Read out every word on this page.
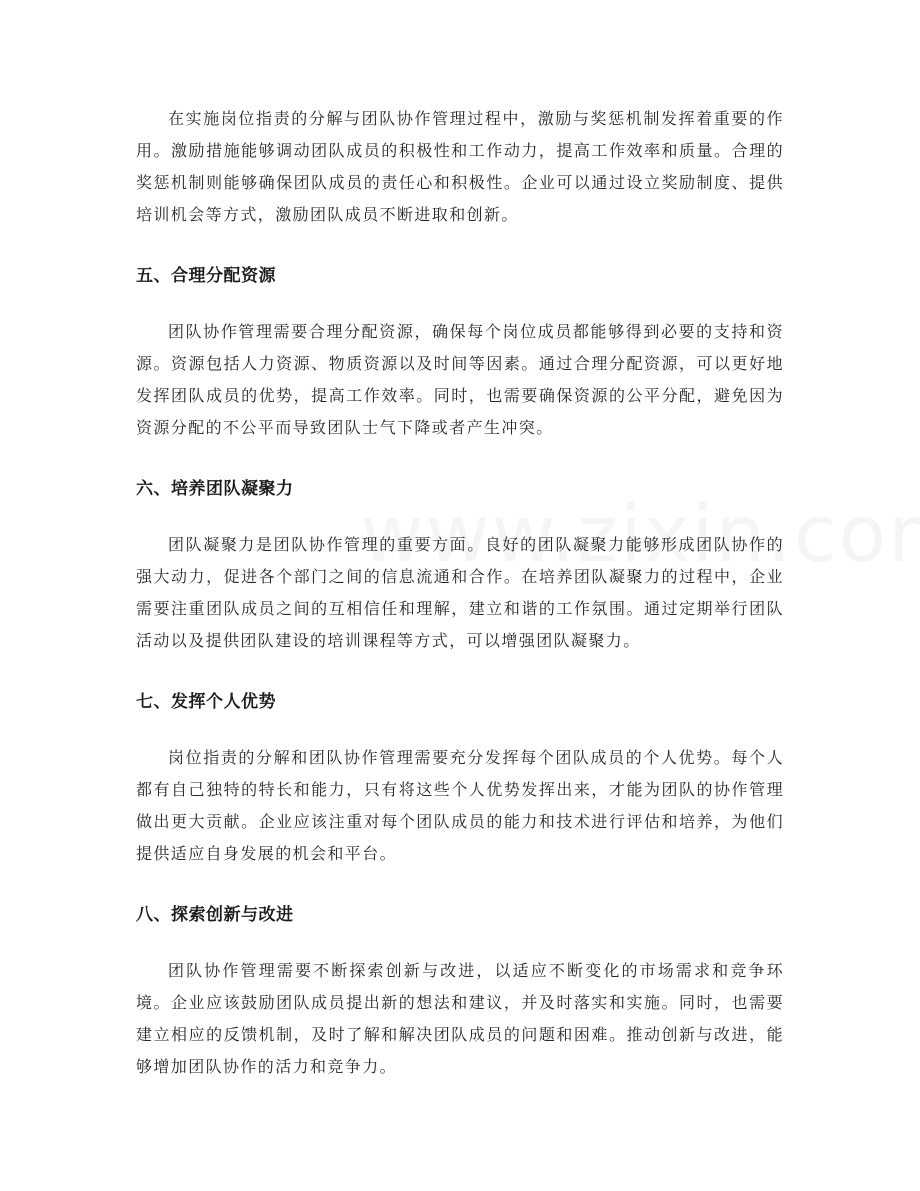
在实施岗位指责的分解与团队协作管理过程中，激励与奖惩机制发挥着重要的作用。激励措施能够调动团队成员的积极性和工作动力，提高工作效率和质量。合理的奖惩机制则能够确保团队成员的责任心和积极性。企业可以通过设立奖励制度、提供培训机会等方式，激励团队成员不断进取和创新。

五、合理分配资源

团队协作管理需要合理分配资源，确保每个岗位成员都能够得到必要的支持和资源。资源包括人力资源、物质资源以及时间等因素。通过合理分配资源，可以更好地发挥团队成员的优势，提高工作效率。同时，也需要确保资源的公平分配，避免因为资源分配的不公平而导致团队士气下降或者产生冲突。

六、培养团队凝聚力

团队凝聚力是团队协作管理的重要方面。良好的团队凝聚力能够形成团队协作的强大动力，促进各个部门之间的信息流通和合作。在培养团队凝聚力的过程中，企业需要注重团队成员之间的互相信任和理解，建立和谐的工作氛围。通过定期举行团队活动以及提供团队建设的培训课程等方式，可以增强团队凝聚力。

七、发挥个人优势

岗位指责的分解和团队协作管理需要充分发挥每个团队成员的个人优势。每个人都有自己独特的特长和能力，只有将这些个人优势发挥出来，才能为团队的协作管理做出更大贡献。企业应该注重对每个团队成员的能力和技术进行评估和培养，为他们提供适应自身发展的机会和平台。

八、探索创新与改进

团队协作管理需要不断探索创新与改进，以适应不断变化的市场需求和竞争环境。企业应该鼓励团队成员提出新的想法和建议，并及时落实和实施。同时，也需要建立相应的反馈机制，及时了解和解决团队成员的问题和困难。推动创新与改进，能够增加团队协作的活力和竞争力。
